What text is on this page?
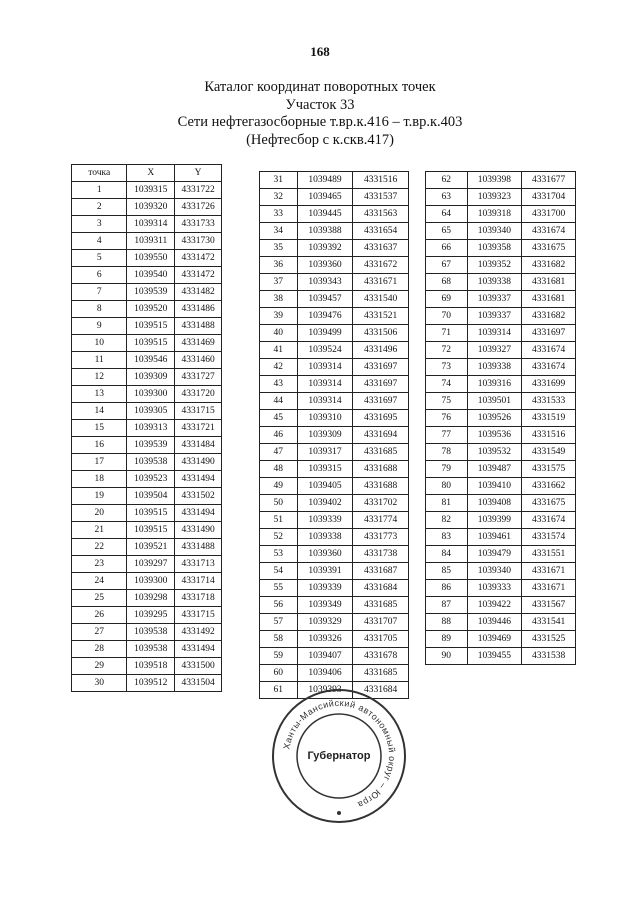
168
Каталог координат поворотных точек
Участок 33
Сети нефтегазосборные т.вр.к.416 – т.вр.к.403
(Нефтесбор с к.скв.417)
точка	X	Y
1	1039315	4331722
2	1039320	4331726
3	1039314	4331733
4	1039311	4331730
5	1039550	4331472
6	1039540	4331472
7	1039539	4331482
8	1039520	4331486
9	1039515	4331488
10	1039515	4331469
11	1039546	4331460
12	1039309	4331727
13	1039300	4331720
14	1039305	4331715
15	1039313	4331721
16	1039539	4331484
17	1039538	4331490
18	1039523	4331494
19	1039504	4331502
20	1039515	4331494
21	1039515	4331490
22	1039521	4331488
23	1039297	4331713
24	1039300	4331714
25	1039298	4331718
26	1039295	4331715
27	1039538	4331492
28	1039538	4331494
29	1039518	4331500
30	1039512	4331504
31	1039489	4331516
32	1039465	4331537
33	1039445	4331563
34	1039388	4331654
35	1039392	4331637
36	1039360	4331672
37	1039343	4331671
38	1039457	4331540
39	1039476	4331521
40	1039499	4331506
41	1039524	4331496
42	1039314	4331697
43	1039314	4331697
44	1039314	4331697
45	1039310	4331695
46	1039309	4331694
47	1039317	4331685
48	1039315	4331688
49	1039405	4331688
50	1039402	4331702
51	1039339	4331774
52	1039338	4331773
53	1039360	4331738
54	1039391	4331687
55	1039339	4331684
56	1039349	4331685
57	1039329	4331707
58	1039326	4331705
59	1039407	4331678
60	1039406	4331685
61	1039393	4331684
62	1039398	4331677
63	1039323	4331704
64	1039318	4331700
65	1039340	4331674
66	1039358	4331675
67	1039352	4331682
68	1039338	4331681
69	1039337	4331681
70	1039337	4331682
71	1039314	4331697
72	1039327	4331674
73	1039338	4331674
74	1039316	4331699
75	1039501	4331533
76	1039526	4331519
77	1039536	4331516
78	1039532	4331549
79	1039487	4331575
80	1039410	4331662
81	1039408	4331675
82	1039399	4331674
83	1039461	4331574
84	1039479	4331551
85	1039340	4331671
86	1039333	4331671
87	1039422	4331567
88	1039446	4331541
89	1039469	4331525
90	1039455	4331538
Ханты-Мансийский автономный округ – Югра
Губернатор
